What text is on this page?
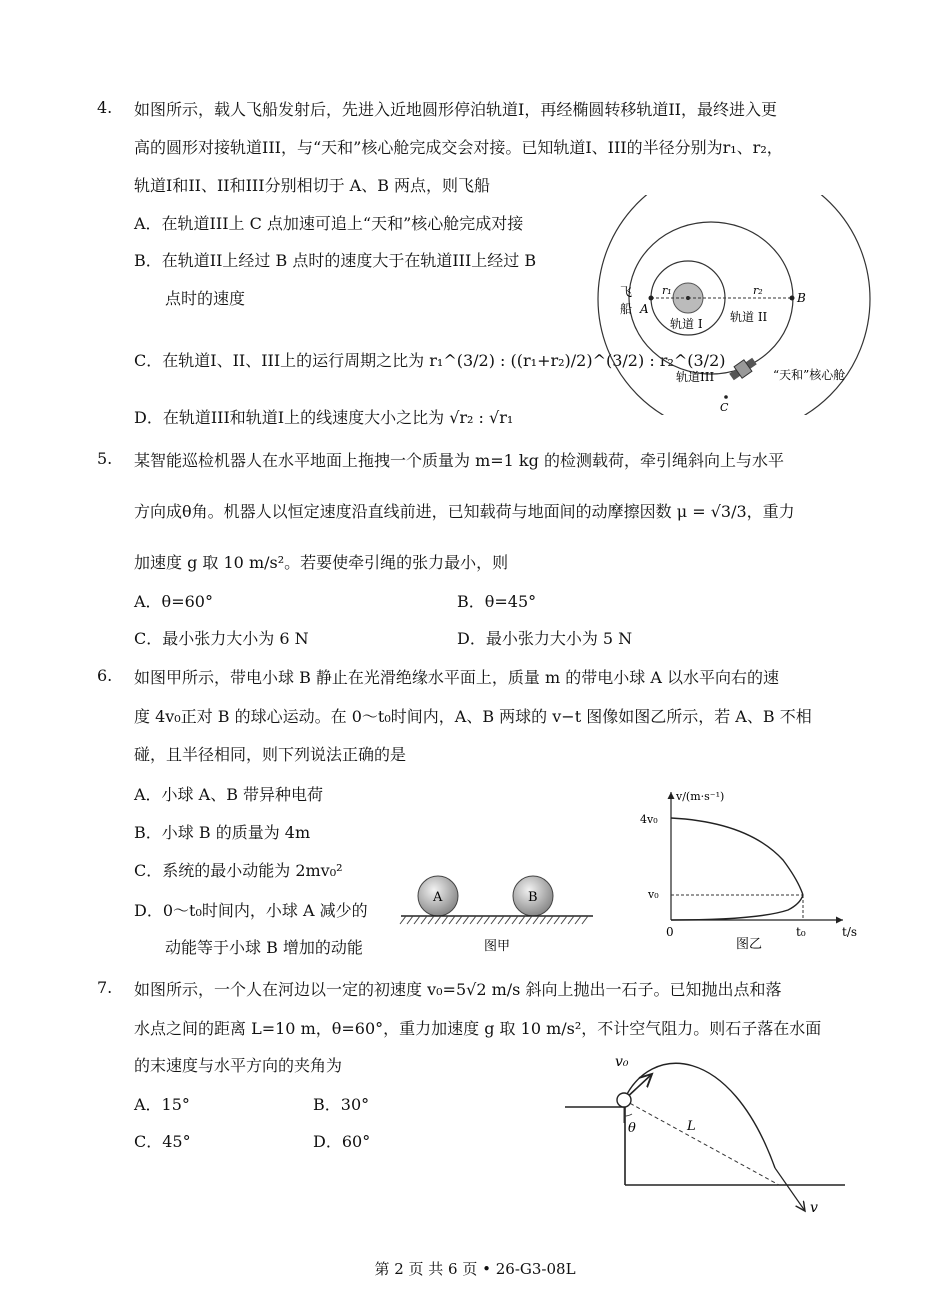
4. 如图所示，载人飞船发射后，先进入近地圆形停泊轨道I，再经椭圆转移轨道II，最终进入更
高的圆形对接轨道III，与“天和”核心舱完成交会对接。已知轨道I、III的半径分别为r₁、r₂，
轨道I和II、II和III分别相切于 A、B 两点，则飞船
A．在轨道III上 C 点加速可追上“天和”核心舱完成对接
B．在轨道II上经过 B 点时的速度大于在轨道III上经过 B
点时的速度
C．在轨道I、II、III上的运行周期之比为 r₁^(3/2) : ((r₁+r₂)/2)^(3/2) : r₂^(3/2)
D．在轨道III和轨道I上的线速度大小之比为 √r₂ : √r₁
飞
船 A
B
C
r₁	r₂
轨道 I 轨道 II
轨道III	“天和”核心舱
5. 某智能巡检机器人在水平地面上拖拽一个质量为 m=1 kg 的检测载荷，牵引绳斜向上与水平
方向成θ角。机器人以恒定速度沿直线前进，已知载荷与地面间的动摩擦因数 μ = √3/3，重力
加速度 g 取 10 m/s²。若要使牵引绳的张力最小，则
A．θ=60°	B．θ=45°
C．最小张力大小为 6 N	D．最小张力大小为 5 N
6. 如图甲所示，带电小球 B 静止在光滑绝缘水平面上，质量 m 的带电小球 A 以水平向右的速
度 4v₀正对 B 的球心运动。在 0～t₀时间内，A、B 两球的 v−t 图像如图乙所示，若 A、B 不相
碰，且半径相同，则下列说法正确的是
A．小球 A、B 带异种电荷
B．小球 B 的质量为 4m
C．系统的最小动能为 2mv₀²
D．0～t₀时间内，小球 A 减少的
动能等于小球 B 增加的动能
A	B
图甲
v/(m·s⁻¹)
4v₀
v₀
0	t₀	t/s
图乙
7. 如图所示，一个人在河边以一定的初速度 v₀=5√2 m/s 斜向上抛出一石子。已知抛出点和落
水点之间的距离 L=10 m，θ=60°，重力加速度 g 取 10 m/s²，不计空气阻力。则石子落在水面
的末速度与水平方向的夹角为
A．15°	B．30°
C．45°	D．60°
v₀
θ	L
v
第 2 页 共 6 页 • 26-G3-08L
